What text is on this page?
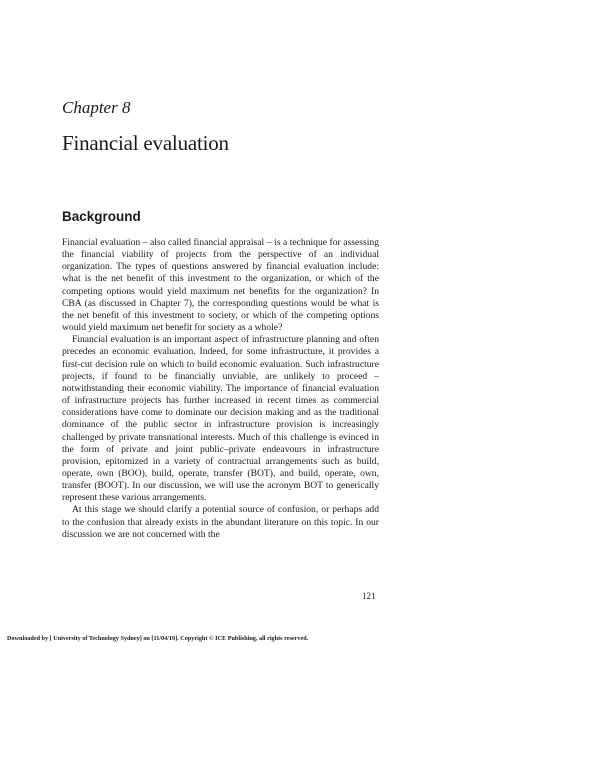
Chapter 8
Financial evaluation
Background

Financial evaluation – also called financial appraisal – is a technique for assessing the financial viability of projects from the perspective of an individual organization. The types of questions answered by financial evaluation include: what is the net benefit of this investment to the organization, or which of the competing options would yield maximum net benefits for the organization? In CBA (as discussed in Chapter 7), the corresponding questions would be what is the net benefit of this investment to society, or which of the competing options would yield maximum net benefit for society as a whole?

Financial evaluation is an important aspect of infrastructure planning and often precedes an economic evaluation. Indeed, for some infrastructure, it provides a first-cut decision rule on which to build economic evaluation. Such infrastructure projects, if found to be financially unviable, are unlikely to proceed – notwithstanding their economic viability. The importance of financial evaluation of infrastructure projects has further increased in recent times as commercial considerations have come to dominate our decision making and as the traditional dominance of the public sector in infrastructure provision is increasingly challenged by private transnational interests. Much of this challenge is evinced in the form of private and joint public–private endeavours in infrastructure provision, epitomized in a variety of contractual arrangements such as build, operate, own (BOO), build, operate, transfer (BOT), and build, operate, own, transfer (BOOT). In our discussion, we will use the acronym BOT to generically represent these various arrangements.

At this stage we should clarify a potential source of confusion, or perhaps add to the confusion that already exists in the abundant literature on this topic. In our discussion we are not concerned with the

121
Downloaded by [ University of Technology Sydney] on [11/04/19]. Copyright © ICE Publishing, all rights reserved.
